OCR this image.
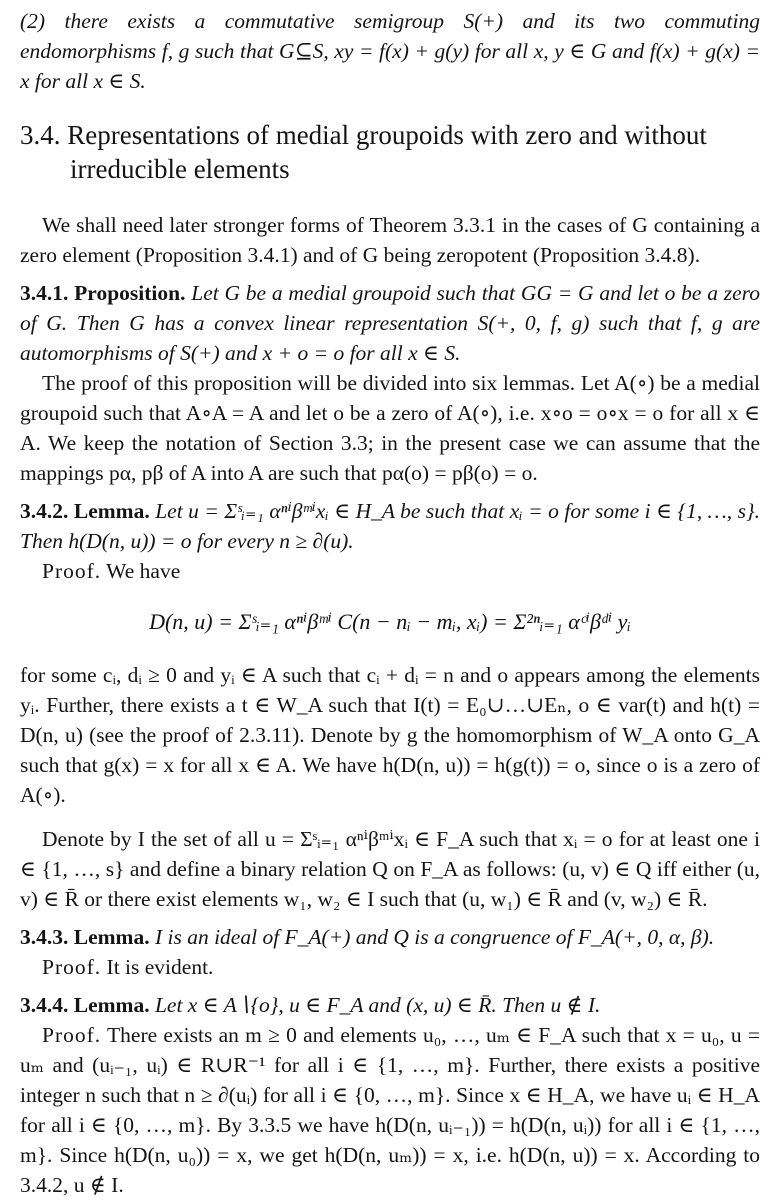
(2) there exists a commutative semigroup S(+) and its two commuting endomorphisms f, g such that G⊆S, xy = f(x) + g(y) for all x, y ∈ G and f(x) + g(x) = x for all x ∈ S.

3.4. Representations of medial groupoids with zero and without irreducible elements

We shall need later stronger forms of Theorem 3.3.1 in the cases of G containing a zero element (Proposition 3.4.1) and of G being zeropotent (Proposition 3.4.8).

3.4.1. Proposition. Let G be a medial groupoid such that GG = G and let o be a zero of G. Then G has a convex linear representation S(+, 0, f, g) such that f, g are automorphisms of S(+) and x + o = o for all x ∈ S.

The proof of this proposition will be divided into six lemmas. Let A(∘) be a medial groupoid such that A∘A = A and let o be a zero of A(∘), i.e. x∘o = o∘x = o for all x ∈ A. We keep the notation of Section 3.3; in the present case we can assume that the mappings pα, pβ of A into A are such that pα(o) = pβ(o) = o.

3.4.2. Lemma. Let u = Σˢᵢ₌₁ αⁿⁱβᵐⁱxᵢ ∈ H_A be such that xᵢ = o for some i ∈ {1, …, s}. Then h(D(n, u)) = o for every n ≥ ∂(u).

Proof. We have

D(n, u) = Σˢᵢ₌₁ αⁿⁱβᵐⁱ C(n − nᵢ − mᵢ, xᵢ) = Σ²ⁿᵢ₌₁ αᶜⁱβᵈⁱ yᵢ

for some cᵢ, dᵢ ≥ 0 and yᵢ ∈ A such that cᵢ + dᵢ = n and o appears among the elements yᵢ. Further, there exists a t ∈ W_A such that I(t) = E₀∪…∪Eₙ, o ∈ var(t) and h(t) = D(n, u) (see the proof of 2.3.11). Denote by g the homomorphism of W_A onto G_A such that g(x) = x for all x ∈ A. We have h(D(n, u)) = h(g(t)) = o, since o is a zero of A(∘).

Denote by I the set of all u = Σˢᵢ₌₁ αⁿⁱβᵐⁱxᵢ ∈ F_A such that xᵢ = o for at least one i ∈ {1, …, s} and define a binary relation Q on F_A as follows: (u, v) ∈ Q iff either (u, v) ∈ R̄ or there exist elements w₁, w₂ ∈ I such that (u, w₁) ∈ R̄ and (v, w₂) ∈ R̄.

3.4.3. Lemma. I is an ideal of F_A(+) and Q is a congruence of F_A(+, 0, α, β).

Proof. It is evident.

3.4.4. Lemma. Let x ∈ A∖{o}, u ∈ F_A and (x, u) ∈ R̄. Then u ∉ I.

Proof. There exists an m ≥ 0 and elements u₀, …, uₘ ∈ F_A such that x = u₀, u = uₘ and (uᵢ₋₁, uᵢ) ∈ R∪R⁻¹ for all i ∈ {1, …, m}. Further, there exists a positive integer n such that n ≥ ∂(uᵢ) for all i ∈ {0, …, m}. Since x ∈ H_A, we have uᵢ ∈ H_A for all i ∈ {0, …, m}. By 3.3.5 we have h(D(n, uᵢ₋₁)) = h(D(n, uᵢ)) for all i ∈ {1, …, m}. Since h(D(n, u₀)) = x, we get h(D(n, uₘ)) = x, i.e. h(D(n, u)) = x. According to 3.4.2, u ∉ I.
